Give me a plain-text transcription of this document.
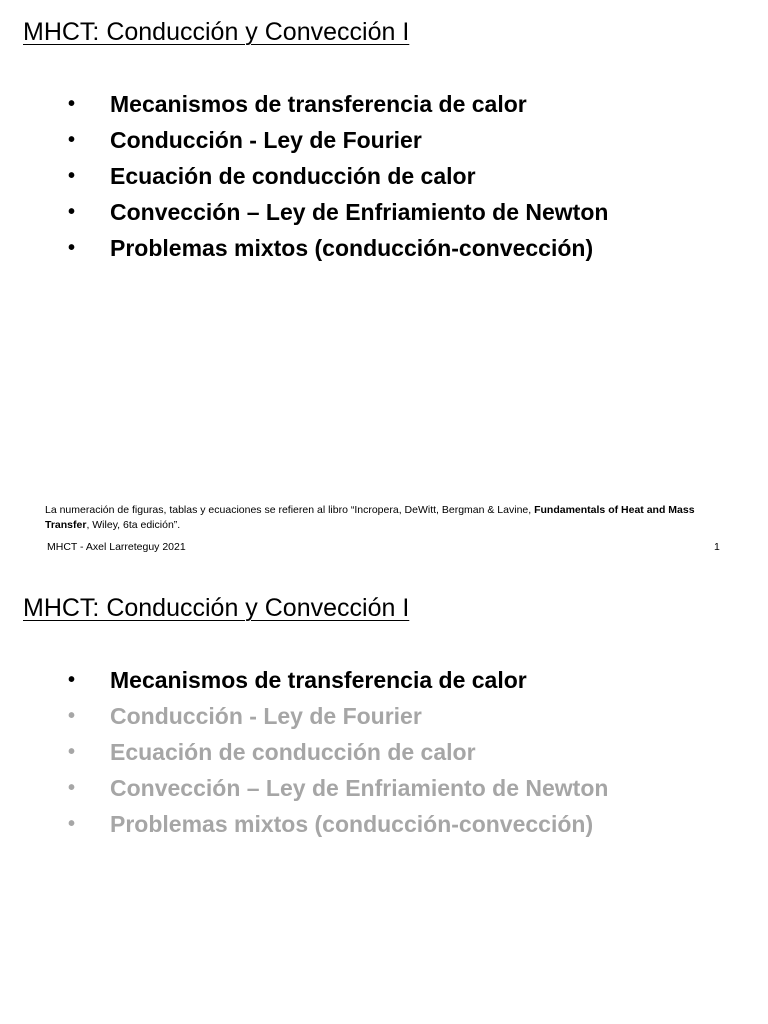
MHCT: Conducción y Convección I
•	Mecanismos de transferencia de calor
•	Conducción - Ley de Fourier
•	Ecuación de conducción de calor
•	Convección – Ley de Enfriamiento de Newton
•	Problemas mixtos (conducción-convección)

La numeración de figuras, tablas y ecuaciones se refieren al libro “Incropera, DeWitt, Bergman & Lavine, Fundamentals of Heat and Mass Transfer, Wiley, 6ta edición”.

MHCT - Axel Larreteguy 2021	1
MHCT: Conducción y Convección I
•	Mecanismos de transferencia de calor
•	Conducción - Ley de Fourier
•	Ecuación de conducción de calor
•	Convección – Ley de Enfriamiento de Newton
•	Problemas mixtos (conducción-convección)
